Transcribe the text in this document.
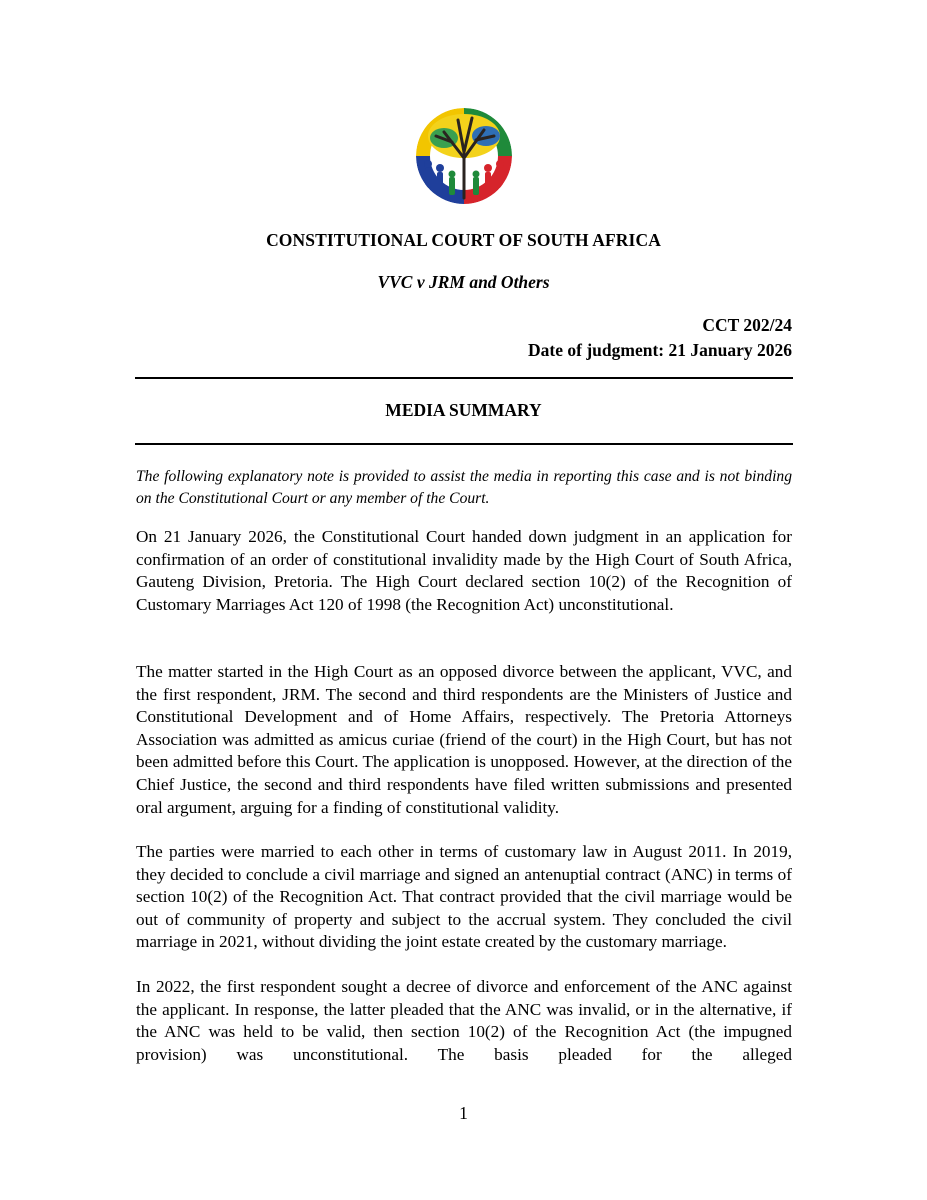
CONSTITUTIONAL COURT OF SOUTH AFRICA
VVC v JRM and Others
CCT 202/24
Date of judgment: 21 January 2026
MEDIA SUMMARY
The following explanatory note is provided to assist the media in reporting this case and is not binding on the Constitutional Court or any member of the Court.

On 21 January 2026, the Constitutional Court handed down judgment in an application for confirmation of an order of constitutional invalidity made by the High Court of South Africa, Gauteng Division, Pretoria. The High Court declared section 10(2) of the Recognition of Customary Marriages Act 120 of 1998 (the Recognition Act) unconstitutional.

The matter started in the High Court as an opposed divorce between the applicant, VVC, and the first respondent, JRM. The second and third respondents are the Ministers of Justice and Constitutional Development and of Home Affairs, respectively. The Pretoria Attorneys Association was admitted as amicus curiae (friend of the court) in the High Court, but has not been admitted before this Court. The application is unopposed. However, at the direction of the Chief Justice, the second and third respondents have filed written submissions and presented oral argument, arguing for a finding of constitutional validity.

The parties were married to each other in terms of customary law in August 2011. In 2019, they decided to conclude a civil marriage and signed an antenuptial contract (ANC) in terms of section 10(2) of the Recognition Act. That contract provided that the civil marriage would be out of community of property and subject to the accrual system. They concluded the civil marriage in 2021, without dividing the joint estate created by the customary marriage.

In 2022, the first respondent sought a decree of divorce and enforcement of the ANC against the applicant. In response, the latter pleaded that the ANC was invalid, or in the alternative, if the ANC was held to be valid, then section 10(2) of the Recognition Act (the impugned provision) was unconstitutional. The basis pleaded for the alleged

1
